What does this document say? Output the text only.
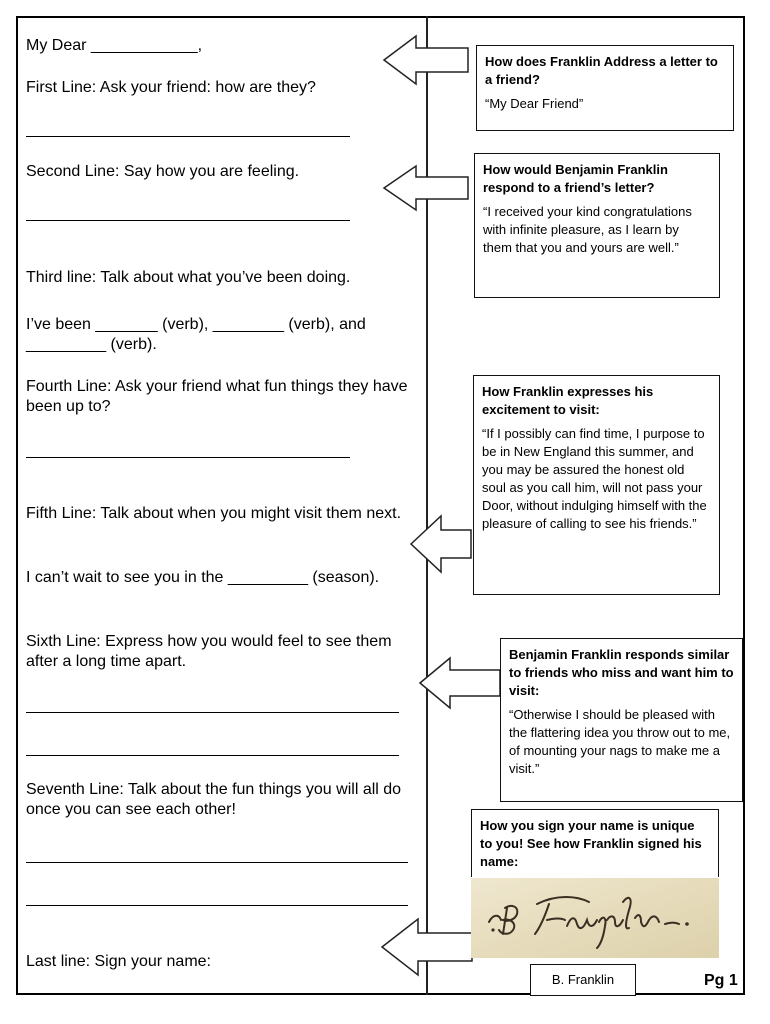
My Dear ____________,
First Line: Ask your friend: how are they?
Second Line: Say how you are feeling.
Third line: Talk about what you’ve been doing.
I’ve been _______ (verb), ________ (verb), and
_________ (verb).
Fourth Line: Ask your friend what fun things they have been up to?
Fifth Line: Talk about when you might visit them next.
I can’t wait to see you in the _________ (season).
Sixth Line: Express how you would feel to see them after a long time apart.
Seventh Line: Talk about the fun things you will all do once you can see each other!
Last line: Sign your name:
How does Franklin Address a letter to a friend?
“My Dear Friend”
How would Benjamin Franklin respond to a friend’s letter?
“I received your kind congratulations with infinite pleasure, as I learn by them that you and yours are well.”
How Franklin expresses his excitement to visit:
“If I possibly can find time, I purpose to be in New England this summer, and you may be assured the honest old soul as you call him, will not pass your Door, without indulging himself with the pleasure of calling to see his friends.”
Benjamin Franklin responds similar to friends who miss and want him to visit:
“Otherwise I should be pleased with the flattering idea you throw out to me, of mounting your nags to make me a visit.”
How you sign your name is unique to you! See how Franklin signed his name:
B. Franklin	Pg 1
